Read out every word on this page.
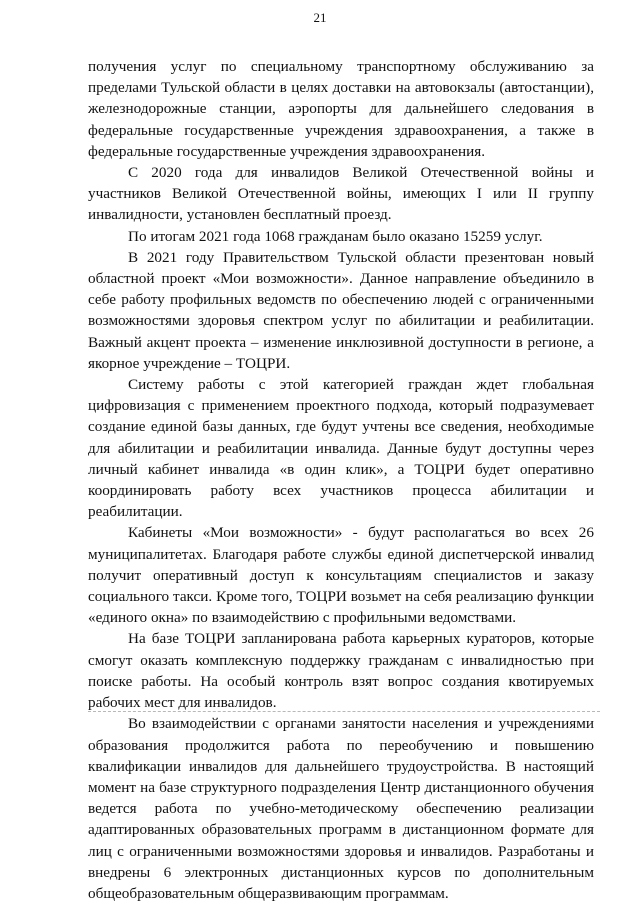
21

получения услуг по специальному транспортному обслуживанию за пределами Тульской области в целях доставки на автовокзалы (автостанции), железнодорожные станции, аэропорты для дальнейшего следования в федеральные государственные учреждения здравоохранения, а также в федеральные государственные учреждения здравоохранения.

С 2020 года для инвалидов Великой Отечественной войны и участников Великой Отечественной войны, имеющих I или II группу инвалидности, установлен бесплатный проезд.

По итогам 2021 года 1068 гражданам было оказано 15259 услуг.

В 2021 году Правительством Тульской области презентован новый областной проект «Мои возможности». Данное направление объединило в себе работу профильных ведомств по обеспечению людей с ограниченными возможностями здоровья спектром услуг по абилитации и реабилитации. Важный акцент проекта – изменение инклюзивной доступности в регионе, а якорное учреждение – ТОЦРИ.

Систему работы с этой категорией граждан ждет глобальная цифровизация с применением проектного подхода, который подразумевает создание единой базы данных, где будут учтены все сведения, необходимые для абилитации и реабилитации инвалида. Данные будут доступны через личный кабинет инвалида «в один клик», а ТОЦРИ будет оперативно координировать работу всех участников процесса абилитации и реабилитации.

Кабинеты «Мои возможности» - будут располагаться во всех 26 муниципалитетах. Благодаря работе службы единой диспетчерской инвалид получит оперативный доступ к консультациям специалистов и заказу социального такси. Кроме того, ТОЦРИ возьмет на себя реализацию функции «единого окна» по взаимодействию с профильными ведомствами.

На базе ТОЦРИ запланирована работа карьерных кураторов, которые смогут оказать комплексную поддержку гражданам с инвалидностью при поиске работы. На особый контроль взят вопрос создания квотируемых рабочих мест для инвалидов.

Во взаимодействии с органами занятости населения и учреждениями образования продолжится работа по переобучению и повышению квалификации инвалидов для дальнейшего трудоустройства. В настоящий момент на базе структурного подразделения Центр дистанционного обучения ведется работа по учебно-методическому обеспечению реализации адаптированных образовательных программ в дистанционном формате для лиц с ограниченными возможностями здоровья и инвалидов. Разработаны и внедрены 6 электронных дистанционных курсов по дополнительным общеобразовательным общеразвивающим программам.
